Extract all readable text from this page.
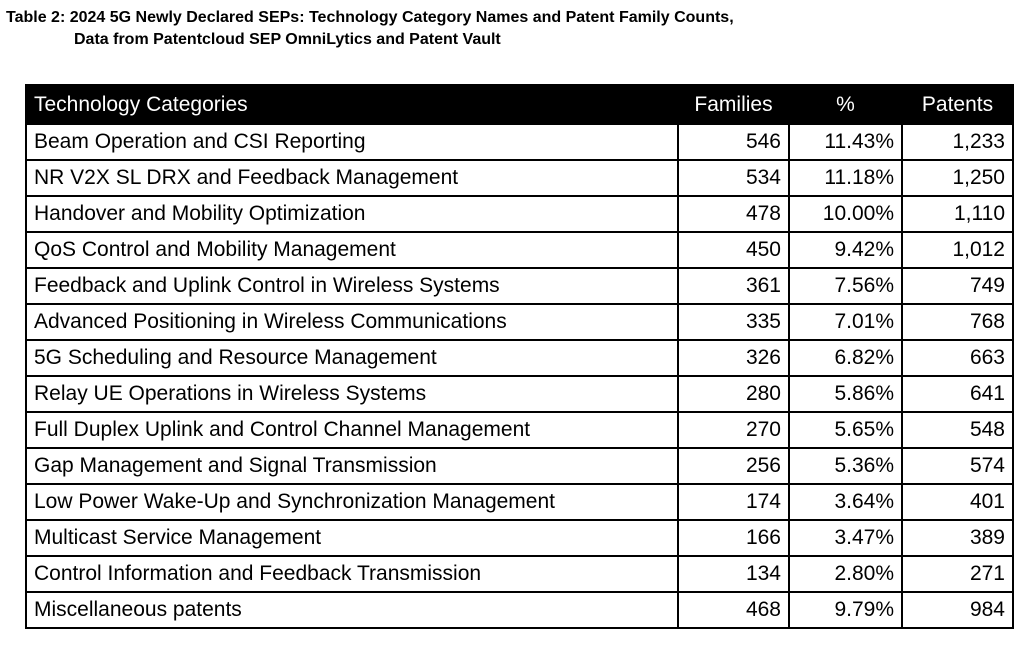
Table 2: 2024 5G Newly Declared SEPs: Technology Category Names and Patent Family Counts,
Data from Patentcloud SEP OmniLytics and Patent Vault
Technology Categories	Families	%	Patents
Beam Operation and CSI Reporting	546	11.43%	1,233
NR V2X SL DRX and Feedback Management	534	11.18%	1,250
Handover and Mobility Optimization	478	10.00%	1,110
QoS Control and Mobility Management	450	9.42%	1,012
Feedback and Uplink Control in Wireless Systems	361	7.56%	749
Advanced Positioning in Wireless Communications	335	7.01%	768
5G Scheduling and Resource Management	326	6.82%	663
Relay UE Operations in Wireless Systems	280	5.86%	641
Full Duplex Uplink and Control Channel Management	270	5.65%	548
Gap Management and Signal Transmission	256	5.36%	574
Low Power Wake-Up and Synchronization Management	174	3.64%	401
Multicast Service Management	166	3.47%	389
Control Information and Feedback Transmission	134	2.80%	271
Miscellaneous patents	468	9.79%	984
